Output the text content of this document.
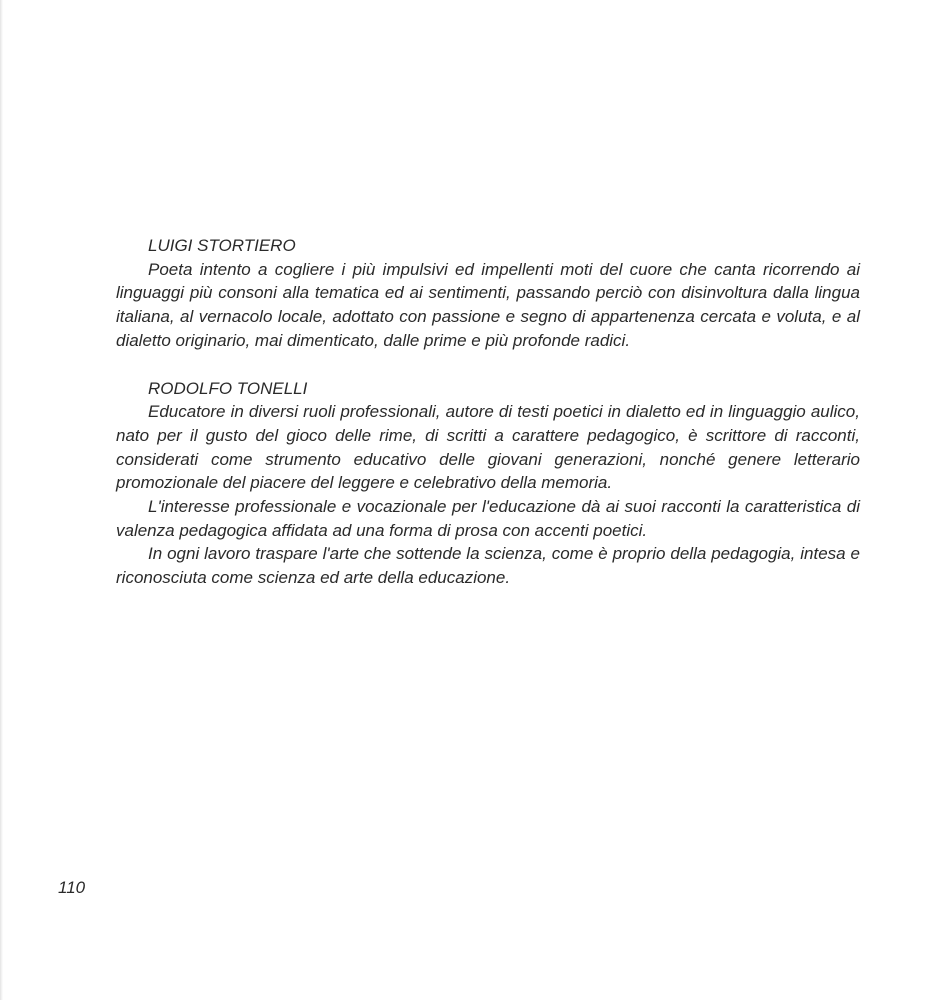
LUIGI STORTIERO

Poeta intento a cogliere i più impulsivi ed impellenti moti del cuore che canta ricorrendo ai linguaggi più consoni alla tematica ed ai sentimenti, passando perciò con disinvoltura dalla lingua italiana, al vernacolo locale, adottato con passione e segno di appartenenza cercata e voluta, e al dialetto originario, mai dimenticato, dalle prime e più profonde radici.

RODOLFO TONELLI

Educatore in diversi ruoli professionali, autore di testi poetici in dialetto ed in linguaggio aulico, nato per il gusto del gioco delle rime, di scritti a carattere pedagogico, è scrittore di racconti, considerati come strumento educativo delle giovani generazioni, nonché genere letterario promozionale del piacere del leggere e celebrativo della memoria.

L'interesse professionale e vocazionale per l'educazione dà ai suoi racconti la caratteristica di valenza pedagogica affidata ad una forma di prosa con accenti poetici.

In ogni lavoro traspare l'arte che sottende la scienza, come è proprio della pedagogia, intesa e riconosciuta come scienza ed arte della educazione.

110
